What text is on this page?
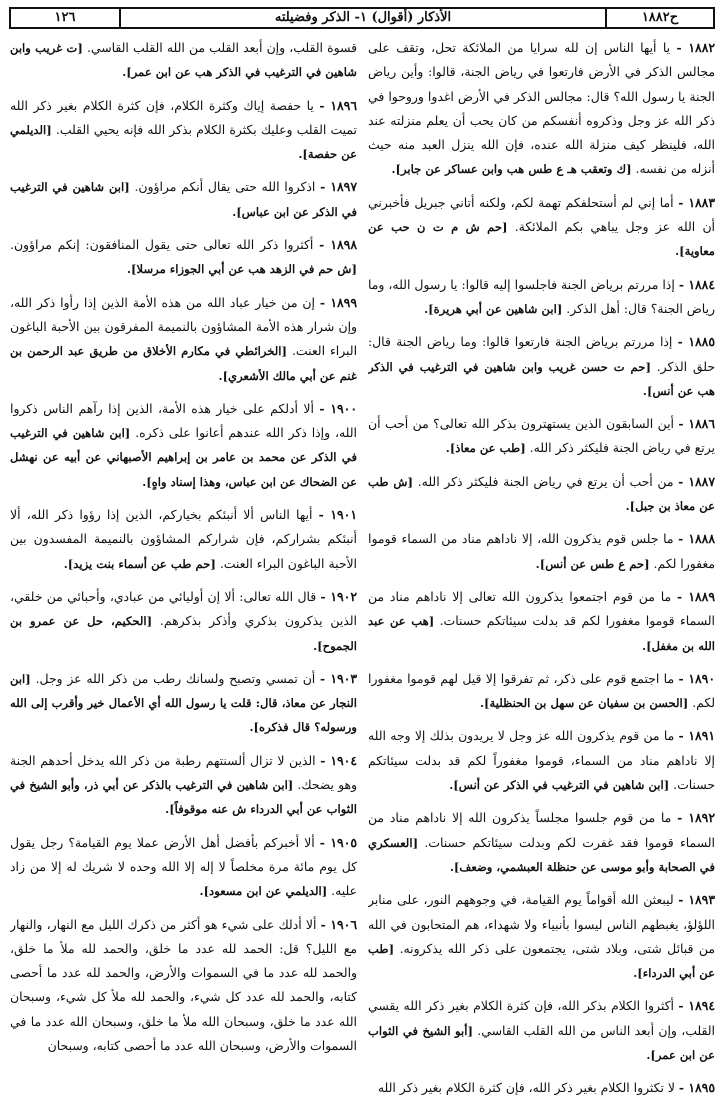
ح١٨٨٢
الأذكار (أقوال) ١- الذكر وفضيلته
١٢٦

١٨٨٢ - يا أيها الناس إن لله سرايا من الملائكة تحل، وتقف على مجالس الذكر في الأرض فارتعوا في رياض الجنة، قالوا: وأين رياض الجنة يا رسول الله؟ قال: مجالس الذكر في الأرض اغدوا وروحوا في ذكر الله عز وجل وذكروه أنفسكم من كان يحب أن يعلم منزلته عند الله، فلينظر كيف منزلة الله عنده، فإن الله ينزل العبد منه حيث أنزله من نفسه. [ك وتعقب هـ ع طس هب وابن عساكر عن جابر].

١٨٨٣ - أما إني لم أستحلفكم تهمة لكم، ولكنه أتاني جبريل فأخبرني أن الله عز وجل يباهي بكم الملائكة. [حم ش م ت ن حب عن معاوية].

١٨٨٤ - إذا مررتم برياض الجنة فاجلسوا إليه قالوا: يا رسول الله، وما رياض الجنة؟ قال: أهل الذكر. [ابن شاهين عن أبي هريرة].

١٨٨٥ - إذا مررتم برياض الجنة فارتعوا قالوا: وما رياض الجنة قال: حلق الذكر. [حم ت حسن غريب وابن شاهين في الترغيب في الذكر هب عن أنس].

١٨٨٦ - أين السابقون الذين يستهترون بذكر الله تعالى؟ من أحب أن يرتع في رياض الجنة فليكثر ذكر الله. [طب عن معاذ].

١٨٨٧ - من أحب أن يرتع في رياض الجنة فليكثر ذكر الله. [ش طب عن معاذ بن جبل].

١٨٨٨ - ما جلس قوم يذكرون الله، إلا ناداهم مناد من السماء قوموا مغفورا لكم. [حم ع طس عن أنس].

١٨٨٩ - ما من قوم اجتمعوا يذكرون الله تعالى إلا ناداهم مناد من السماء قوموا مغفورا لكم قد بدلت سيئاتكم حسنات. [هب عن عبد الله بن مغفل].

١٨٩٠ - ما اجتمع قوم على ذكر، ثم تفرقوا إلا قيل لهم قوموا مغفورا لكم. [الحسن بن سفيان عن سهل بن الحنظلية].

١٨٩١ - ما من قوم يذكرون الله عز وجل لا يريدون بذلك إلا وجه الله إلا ناداهم مناد من السماء، قوموا مغفوراً لكم قد بدلت سيئاتكم حسنات. [ابن شاهين في الترغيب في الذكر عن أنس].

١٨٩٢ - ما من قوم جلسوا مجلساً يذكرون الله إلا ناداهم مناد من السماء قوموا فقد غفرت لكم وبدلت سيئاتكم حسنات. [العسكري في الصحابة وأبو موسى عن حنظلة العبشمي، وضعف].

١٨٩٣ - ليبعثن الله أقواماً يوم القيامة، في وجوههم النور، على منابر اللؤلؤ، يغبطهم الناس ليسوا بأنبياء ولا شهداء، هم المتحابون في الله من قبائل شتى، وبلاد شتى، يجتمعون على ذكر الله يذكرونه. [طب عن أبي الدرداء].

١٨٩٤ - أكثروا الكلام بذكر الله، فإن كثرة الكلام بغير ذكر الله يقسي القلب، وإن أبعد الناس من الله القلب القاسي. [أبو الشيخ في الثواب عن ابن عمر].

١٨٩٥ - لا تكثروا الكلام بغير ذكر الله، فإن كثرة الكلام بغير ذكر الله

قسوة القلب، وإن أبعد القلب من الله القلب القاسي. [ت غريب وابن شاهين في الترغيب في الذكر هب عن ابن عمر].

١٨٩٦ - يا حفصة إياك وكثرة الكلام، فإن كثرة الكلام بغير ذكر الله تميت القلب وعليك بكثرة الكلام بذكر الله فإنه يحيي القلب. [الديلمي عن حفصة].

١٨٩٧ - اذكروا الله حتى يقال أنكم مراؤون. [ابن شاهين في الترغيب في الذكر عن ابن عباس].

١٨٩٨ - أكثروا ذكر الله تعالى حتى يقول المنافقون: إنكم مراؤون. [ش حم في الزهد هب عن أبي الجوزاء مرسلا].

١٨٩٩ - إن من خيار عباد الله من هذه الأمة الذين إذا رأوا ذكر الله، وإن شرار هذه الأمة المشاؤون بالنميمة المفرقون بين الأحبة الباغون البراء العنت. [الخرائطي في مكارم الأخلاق من طريق عبد الرحمن بن غنم عن أبي مالك الأشعري].

١٩٠٠ - ألا أدلكم على خيار هذه الأمة، الذين إذا رآهم الناس ذكروا الله، وإذا ذكر الله عندهم أعانوا على ذكره. [ابن شاهين في الترغيب في الذكر عن محمد بن عامر بن إبراهيم الأصبهاني عن أبيه عن نهشل عن الضحاك عن ابن عباس، وهذا إسناد واهٍ].

١٩٠١ - أيها الناس ألا أنبئكم بخياركم، الذين إذا رؤوا ذكر الله، ألا أنبئكم بشراركم، فإن شراركم المشاؤون بالنميمة المفسدون بين الأحبة الباغون البراء العنت. [حم طب عن أسماء بنت يزيد].

١٩٠٢ - قال الله تعالى: ألا إن أوليائي من عبادي، وأحبائي من خلقي، الذين يذكرون بذكري وأذكر بذكرهم. [الحكيم، حل عن عمرو بن الجموح].

١٩٠٣ - أن تمسي وتصبح ولسانك رطب من ذكر الله عز وجل. [ابن النجار عن معاذ، قال: قلت يا رسول الله أي الأعمال خير وأقرب إلى الله ورسوله؟ قال فذكره].

١٩٠٤ - الذين لا تزال ألسنتهم رطبة من ذكر الله يدخل أحدهم الجنة وهو يضحك. [ابن شاهين في الترغيب بالذكر عن أبي ذر، وأبو الشيخ في الثواب عن أبي الدرداء ش عنه موقوفاً].

١٩٠٥ - ألا أخبركم بأفضل أهل الأرض عملا يوم القيامة؟ رجل يقول كل يوم مائة مرة مخلصاً لا إله إلا الله وحده لا شريك له إلا من زاد عليه. [الديلمي عن ابن مسعود].

١٩٠٦ - ألا أدلك على شيء هو أكثر من ذكرك الليل مع النهار، والنهار مع الليل؟ قل: الحمد لله عدد ما خلق، والحمد لله ملأ ما خلق، والحمد لله عدد ما في السموات والأرض، والحمد لله عدد ما أحصى كتابه، والحمد لله عدد كل شيء، والحمد لله ملأ كل شيء، وسبحان الله عدد ما خلق، وسبحان الله ملأ ما خلق، وسبحان الله عدد ما في السموات والأرض، وسبحان الله عدد ما أحصى كتابه، وسبحان
